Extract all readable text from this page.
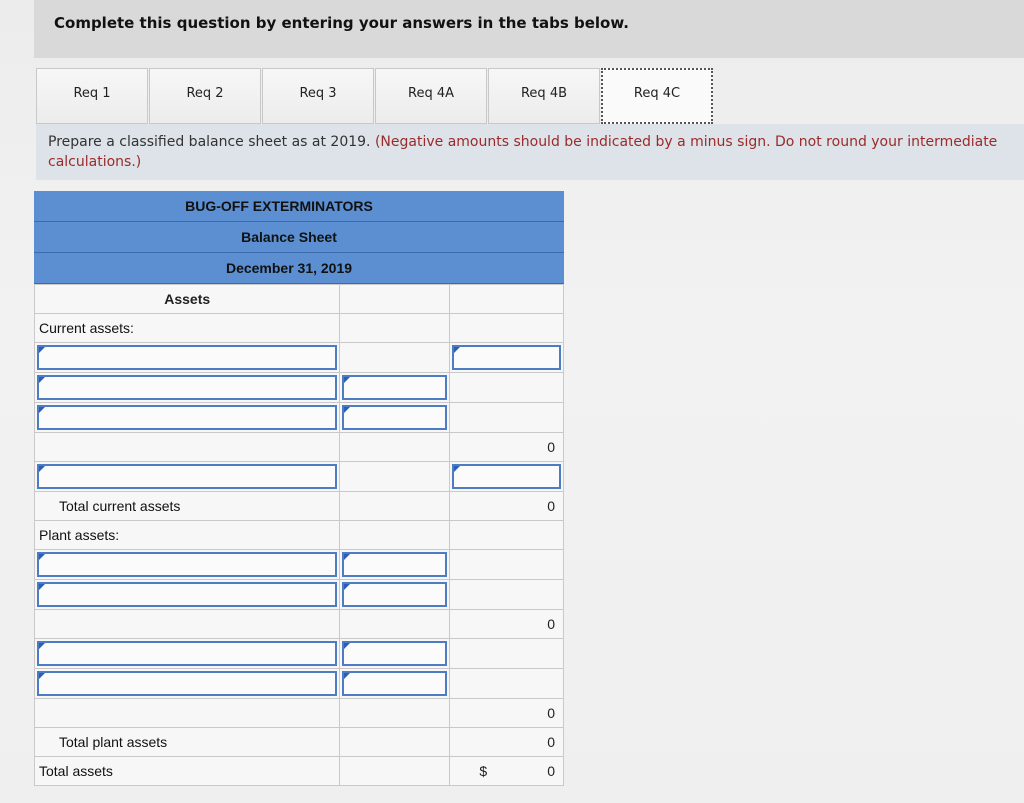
Complete this question by entering your answers in the tabs below.
Req 1	Req 2	Req 3	Req 4A	Req 4B	Req 4C
Prepare a classified balance sheet as at 2019. (Negative amounts should be indicated by a minus sign. Do not round your intermediate calculations.)
BUG-OFF EXTERMINATORS
Balance Sheet
December 31, 2019
Assets		
Current assets:		

		0

Total current assets		0
Plant assets:		

		0

		0
Total plant assets		0
Total assets		$ 0
